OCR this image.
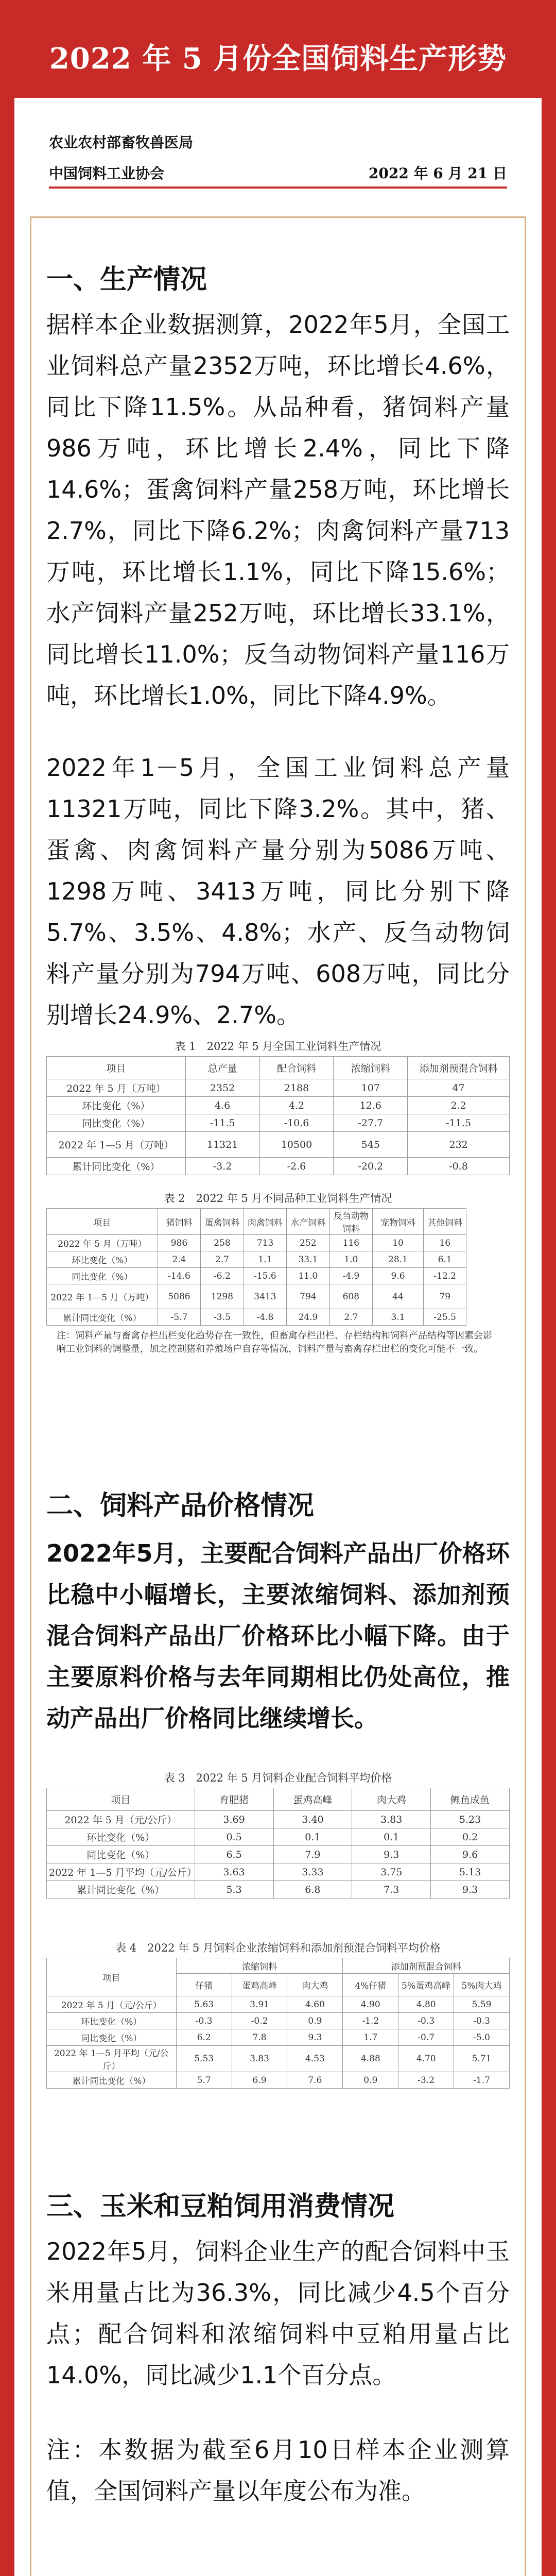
2022 年 5 月份全国饲料生产形势
农业农村部畜牧兽医局
中国饲料工业协会	2022 年 6 月 21 日
一、生产情况

据样本企业数据测算，2022年5月，全国工业饲料总产量2352万吨，环比增长4.6%，同比下降11.5%。从品种看，猪饲料产量986万吨，环比增长2.4%，同比下降14.6%；蛋禽饲料产量258万吨，环比增长2.7%，同比下降6.2%；肉禽饲料产量713万吨，环比增长1.1%，同比下降15.6%；水产饲料产量252万吨，环比增长33.1%，同比增长11.0%；反刍动物饲料产量116万吨，环比增长1.0%，同比下降4.9%。

2022年1－5月，全国工业饲料总产量11321万吨，同比下降3.2%。其中，猪、蛋禽、肉禽饲料产量分别为5086万吨、1298万吨、3413万吨，同比分别下降5.7%、3.5%、4.8%；水产、反刍动物饲料产量分别为794万吨、608万吨，同比分别增长24.9%、2.7%。

表 1　2022 年 5 月全国工业饲料生产情况
项目	总产量	配合饲料	浓缩饲料	添加剂预混合饲料
2022 年 5 月（万吨）	2352	2188	107	47
环比变化（%）	4.6	4.2	12.6	2.2
同比变化（%）	-11.5	-10.6	-27.7	-11.5
2022 年 1—5 月（万吨）	11321	10500	545	232
累计同比变化（%）	-3.2	-2.6	-20.2	-0.8
表 2　2022 年 5 月不同品种工业饲料生产情况
项目	猪饲料	蛋禽饲料	肉禽饲料	水产饲料	反刍动物饲料	宠物饲料	其他饲料
2022 年 5 月（万吨）	986	258	713	252	116	10	16
环比变化（%）	2.4	2.7	1.1	33.1	1.0	28.1	6.1
同比变化（%）	-14.6	-6.2	-15.6	11.0	-4.9	9.6	-12.2
2022 年 1—5 月（万吨）	5086	1298	3413	794	608	44	79
累计同比变化（%）	-5.7	-3.5	-4.8	24.9	2.7	3.1	-25.5
注：饲料产量与畜禽存栏出栏变化趋势存在一致性，但畜禽存栏出栏、存栏结构和饲料产品结构等因素会影响工业饲料的调整量，加之控制猪和养殖场户自存等情况，饲料产量与畜禽存栏出栏的变化可能不一致。
二、饲料产品价格情况

2022年5月，主要配合饲料产品出厂价格环比稳中小幅增长，主要浓缩饲料、添加剂预混合饲料产品出厂价格环比小幅下降。由于主要原料价格与去年同期相比仍处高位，推动产品出厂价格同比继续增长。

表 3　2022 年 5 月饲料企业配合饲料平均价格
项目	育肥猪	蛋鸡高峰	肉大鸡	鲤鱼成鱼
2022 年 5 月（元/公斤）	3.69	3.40	3.83	5.23
环比变化（%）	0.5	0.1	0.1	0.2
同比变化（%）	6.5	7.9	9.3	9.6
2022 年 1—5 月平均（元/公斤）	3.63	3.33	3.75	5.13
累计同比变化（%）	5.3	6.8	7.3	9.3
表 4　2022 年 5 月饲料企业浓缩饲料和添加剂预混合饲料平均价格
项目	浓缩饲料			添加剂预混合饲料		
	仔猪	蛋鸡高峰	肉大鸡	4%仔猪	5%蛋鸡高峰	5%肉大鸡
2022 年 5 月（元/公斤）	5.63	3.91	4.60	4.90	4.80	5.59
环比变化（%）	-0.3	-0.2	0.9	-1.2	-0.3	-0.3
同比变化（%）	6.2	7.8	9.3	1.7	-0.7	-5.0
2022 年 1—5 月平均（元/公斤）	5.53	3.83	4.53	4.88	4.70	5.71
累计同比变化（%）	5.7	6.9	7.6	0.9	-3.2	-1.7
三、玉米和豆粕饲用消费情况

2022年5月，饲料企业生产的配合饲料中玉米用量占比为36.3%，同比减少4.5个百分点；配合饲料和浓缩饲料中豆粕用量占比14.0%，同比减少1.1个百分点。

注：本数据为截至6月10日样本企业测算值，全国饲料产量以年度公布为准。
